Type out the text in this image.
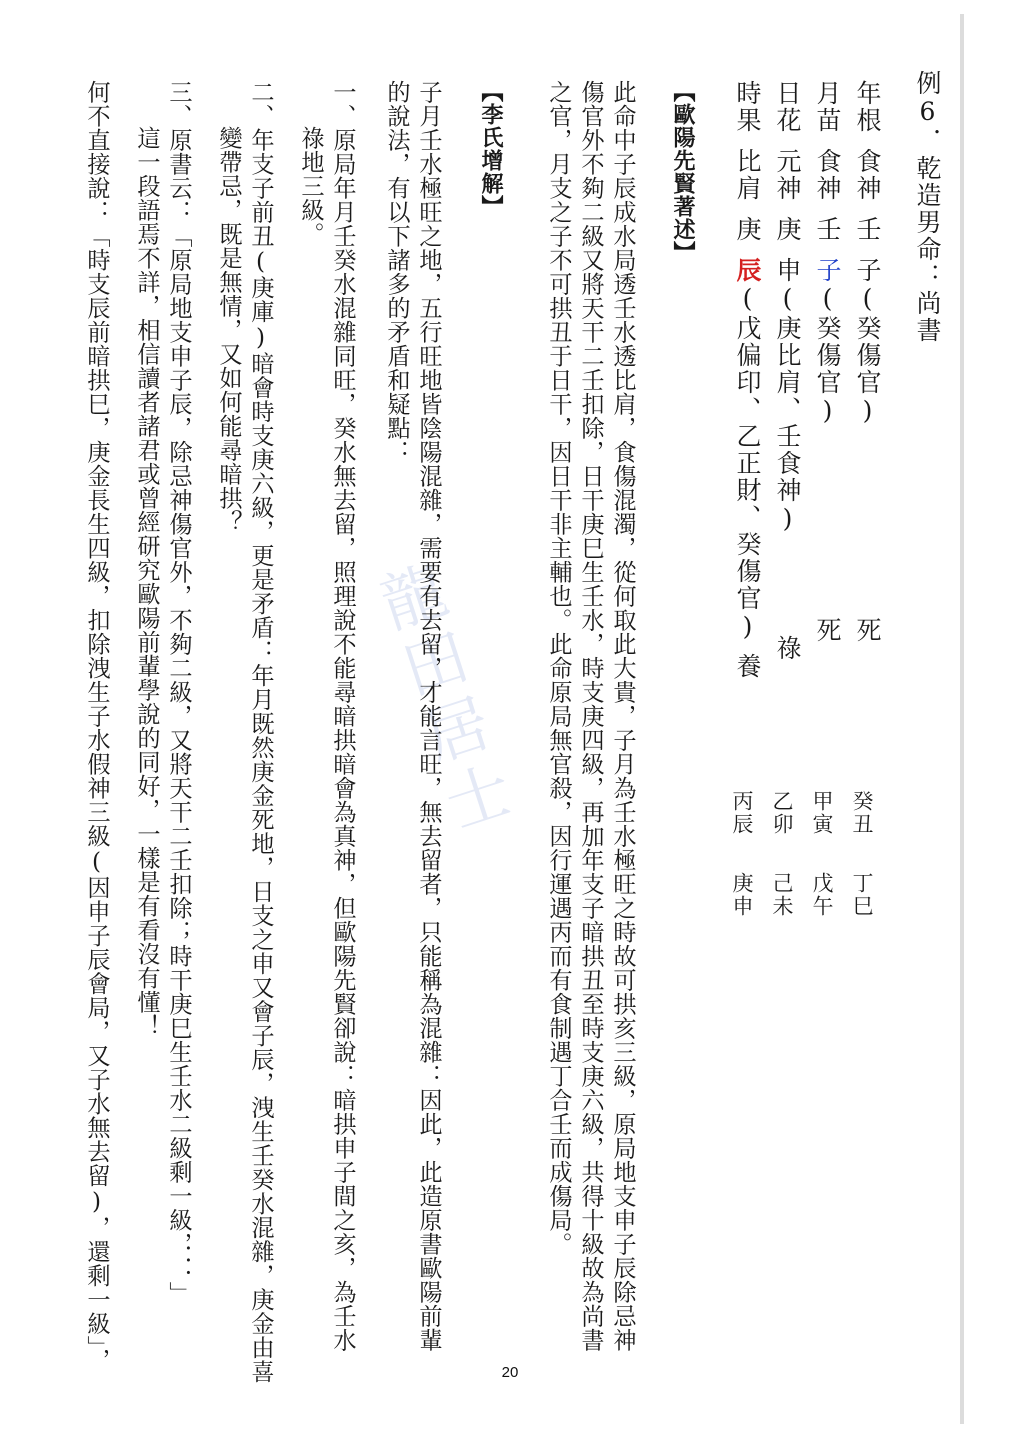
龍田居士
例6．乾造男命：尚書
年根食神壬子(癸傷官)死
月苗食神壬子(癸傷官)死
日花元神庚申(庚比肩、壬食神)祿
時果比肩庚辰(戊偏印、乙正財、癸傷官)養
癸丑丁巳
甲寅戊午
乙卯己未
丙辰庚申
【歐陽先賢著述】
此命中子辰成水局透壬水透比肩，食傷混濁，從何取此大貴，子月為壬水極旺之時故可拱亥三級，原局地支申子辰除忌神
傷官外不夠二級又將天干二壬扣除，日干庚巳生壬水，時支庚四級，再加年支子暗拱丑至時支庚六級，共得十級故為尚書
之官，月支之子不可拱丑于日干，因日干非主輔也。此命原局無官殺，因行運遇丙而有食制遇丁合壬而成傷局。
【李氏增解】
子月壬水極旺之地，五行旺地皆陰陽混雜，需要有去留，才能言旺，無去留者，只能稱為混雜：因此，此造原書歐陽前輩
的說法，有以下諸多的矛盾和疑點：
一、原局年月壬癸水混雜同旺，癸水無去留，照理說不能尋暗拱暗會為真神，但歐陽先賢卻說：暗拱申子間之亥，為壬水
祿地三級。
二、年支子前丑(庚庫)暗會時支庚六級，更是矛盾：年月既然庚金死地，日支之申又會子辰，洩生壬癸水混雜，庚金由喜
變帶忌，既是無情，又如何能尋暗拱？
三、原書云：「原局地支申子辰，除忌神傷官外，不夠二級，又將天干二壬扣除；時干庚巳生壬水二級剩一級，．．．」
這一段語焉不詳，相信讀者諸君或曾經研究歐陽前輩學說的同好，一樣是有看沒有懂！
何不直接說：「時支辰前暗拱巳，庚金長生四級，扣除洩生子水假神三級(因申子辰會局，又子水無去留)，還剩一級」，
20
